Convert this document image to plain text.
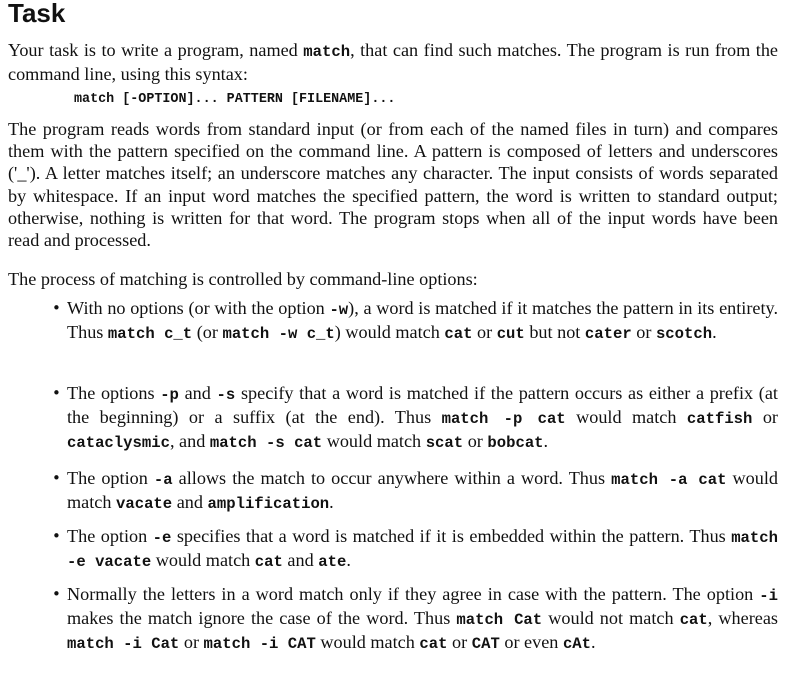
Task

Your task is to write a program, named match, that can find such matches. The program is run from the command line, using this syntax:

match [-OPTION]... PATTERN [FILENAME]...

The program reads words from standard input (or from each of the named files in turn) and compares them with the pattern specified on the command line. A pattern is composed of letters and underscores ('_'). A letter matches itself; an underscore matches any character. The input consists of words separated by whitespace. If an input word matches the specified pattern, the word is written to standard output; otherwise, nothing is written for that word. The program stops when all of the input words have been read and processed.

The process of matching is controlled by command-line options:

• With no options (or with the option -w), a word is matched if it matches the pattern in its entirety. Thus match c_t (or match -w c_t) would match cat or cut but not cater or scotch.
• The options -p and -s specify that a word is matched if the pattern occurs as either a prefix (at the beginning) or a suffix (at the end). Thus match -p cat would match catfish or cataclysmic, and match -s cat would match scat or bobcat.
• The option -a allows the match to occur anywhere within a word. Thus match -a cat would match vacate and amplification.
• The option -e specifies that a word is matched if it is embedded within the pattern. Thus match -e vacate would match cat and ate.
• Normally the letters in a word match only if they agree in case with the pattern. The option -i makes the match ignore the case of the word. Thus match Cat would not match cat, whereas match -i Cat or match -i CAT would match cat or CAT or even cAt.
